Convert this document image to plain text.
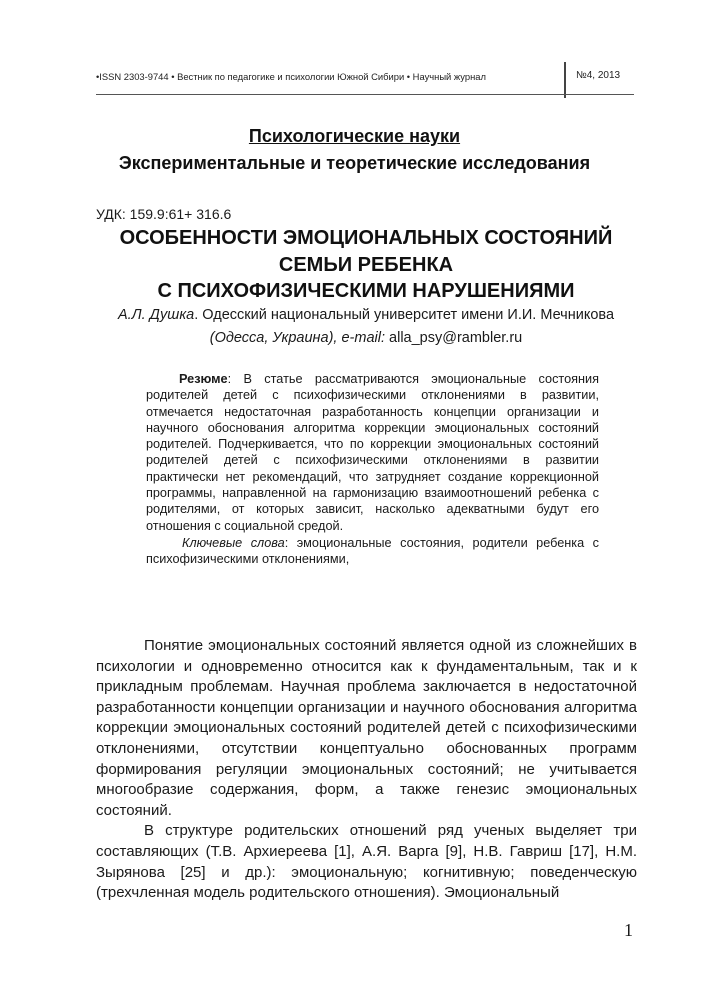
•ISSN 2303-9744 • Вестник по педагогике и психологии Южной Сибири • Научный журнал	№4, 2013
Психологические науки
Экспериментальные и теоретические исследования
УДК: 159.9:61+ 316.6
ОСОБЕННОСТИ ЭМОЦИОНАЛЬНЫХ СОСТОЯНИЙ
СЕМЬИ РЕБЕНКА
С ПСИХОФИЗИЧЕСКИМИ НАРУШЕНИЯМИ
А.Л. Душка. Одесский национальный университет имени И.И. Мечникова
(Одесса, Украина), e-mail: alla_psy@rambler.ru

Резюме: В статье рассматриваются эмоциональные состояния родителей детей с психофизическими отклонениями в развитии, отмечается недостаточная разработанность концепции организации и научного обоснования алгоритма коррекции эмоциональных состояний родителей. Подчеркивается, что по коррекции эмоциональных состояний родителей детей с психофизическими отклонениями в развитии практически нет рекомендаций, что затрудняет создание коррекционной программы, направленной на гармонизацию взаимоотношений ребенка с родителями, от которых зависит, насколько адекватными будут его отношения с социальной средой.

Ключевые слова: эмоциональные состояния, родители ребенка с психофизическими отклонениями,

Понятие эмоциональных состояний является одной из сложнейших в психологии и одновременно относится как к фундаментальным, так и к прикладным проблемам. Научная проблема заключается в недостаточной разработанности концепции организации и научного обоснования алгоритма коррекции эмоциональных состояний родителей детей с психофизическими отклонениями, отсутствии концептуально обоснованных программ формирования регуляции эмоциональных состояний; не учитывается многообразие содержания, форм, а также генезис эмоциональных состояний.

В структуре родительских отношений ряд ученых выделяет три составляющих (Т.В. Архиереева [1], А.Я. Варга [9], Н.В. Гавриш [17], Н.М. Зырянова [25] и др.): эмоциональную; когнитивную; поведенческую (трехчленная модель родительского отношения). Эмоциональный

1
